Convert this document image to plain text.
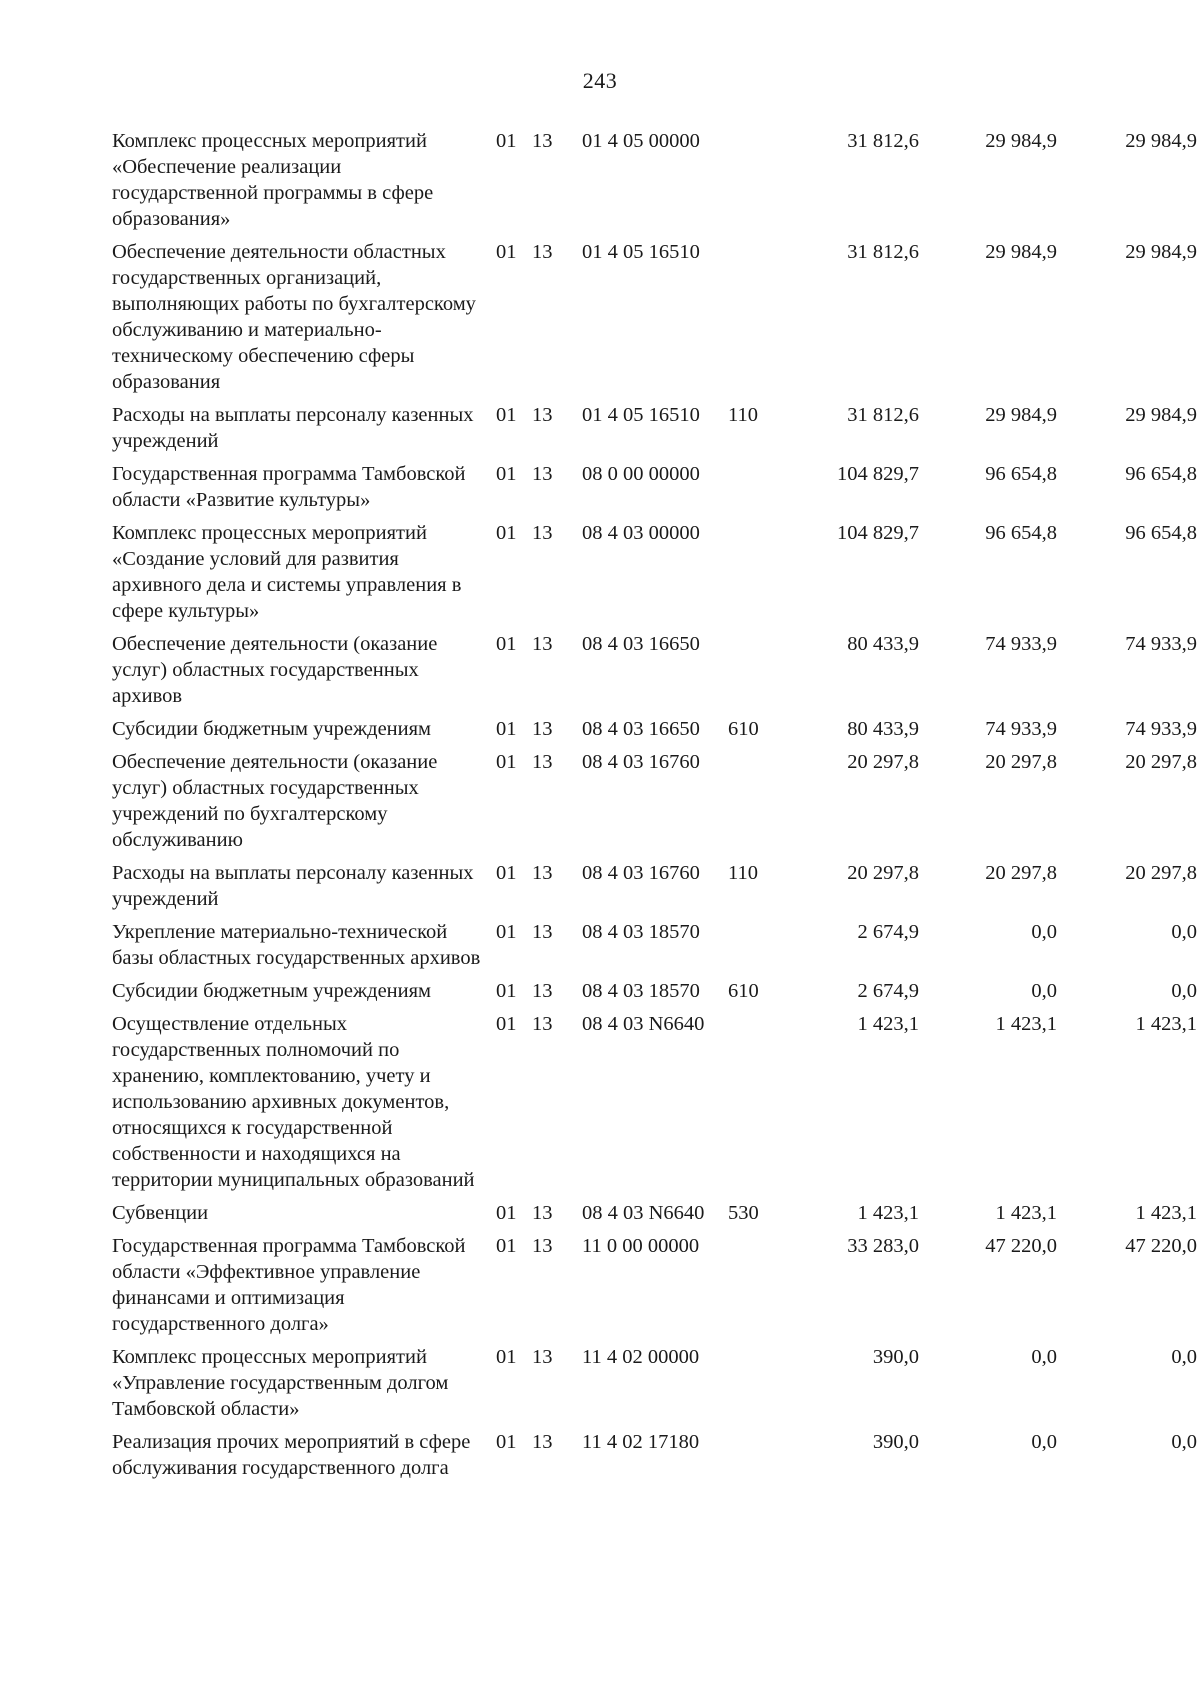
243
Комплекс процессных мероприятий «Обеспечение реализации государственной программы в сфере образования»	01	13	01 4 05 00000		31 812,6	29 984,9	29 984,9
Обеспечение деятельности областных государственных организаций, выполняющих работы по бухгалтерскому обслуживанию и материально-техническому обеспечению сферы образования	01	13	01 4 05 16510		31 812,6	29 984,9	29 984,9
Расходы на выплаты персоналу казенных учреждений	01	13	01 4 05 16510	110	31 812,6	29 984,9	29 984,9
Государственная программа Тамбовской области «Развитие культуры»	01	13	08 0 00 00000		104 829,7	96 654,8	96 654,8
Комплекс процессных мероприятий «Создание условий для развития архивного дела и системы управления в сфере культуры»	01	13	08 4 03 00000		104 829,7	96 654,8	96 654,8
Обеспечение деятельности (оказание услуг) областных государственных архивов	01	13	08 4 03 16650		80 433,9	74 933,9	74 933,9
Субсидии бюджетным учреждениям	01	13	08 4 03 16650	610	80 433,9	74 933,9	74 933,9
Обеспечение деятельности (оказание услуг) областных государственных учреждений по бухгалтерскому обслуживанию	01	13	08 4 03 16760		20 297,8	20 297,8	20 297,8
Расходы на выплаты персоналу казенных учреждений	01	13	08 4 03 16760	110	20 297,8	20 297,8	20 297,8
Укрепление материально-технической базы областных государственных архивов	01	13	08 4 03 18570		2 674,9	0,0	0,0
Субсидии бюджетным учреждениям	01	13	08 4 03 18570	610	2 674,9	0,0	0,0
Осуществление отдельных государственных полномочий по хранению, комплектованию, учету и использованию архивных документов, относящихся к государственной собственности и находящихся на территории муниципальных образований	01	13	08 4 03 N6640		1 423,1	1 423,1	1 423,1
Субвенции	01	13	08 4 03 N6640	530	1 423,1	1 423,1	1 423,1
Государственная программа Тамбовской области «Эффективное управление финансами и оптимизация государственного долга»	01	13	11 0 00 00000		33 283,0	47 220,0	47 220,0
Комплекс процессных мероприятий «Управление государственным долгом Тамбовской области»	01	13	11 4 02 00000		390,0	0,0	0,0
Реализация прочих мероприятий в сфере обслуживания государственного долга	01	13	11 4 02 17180		390,0	0,0	0,0
